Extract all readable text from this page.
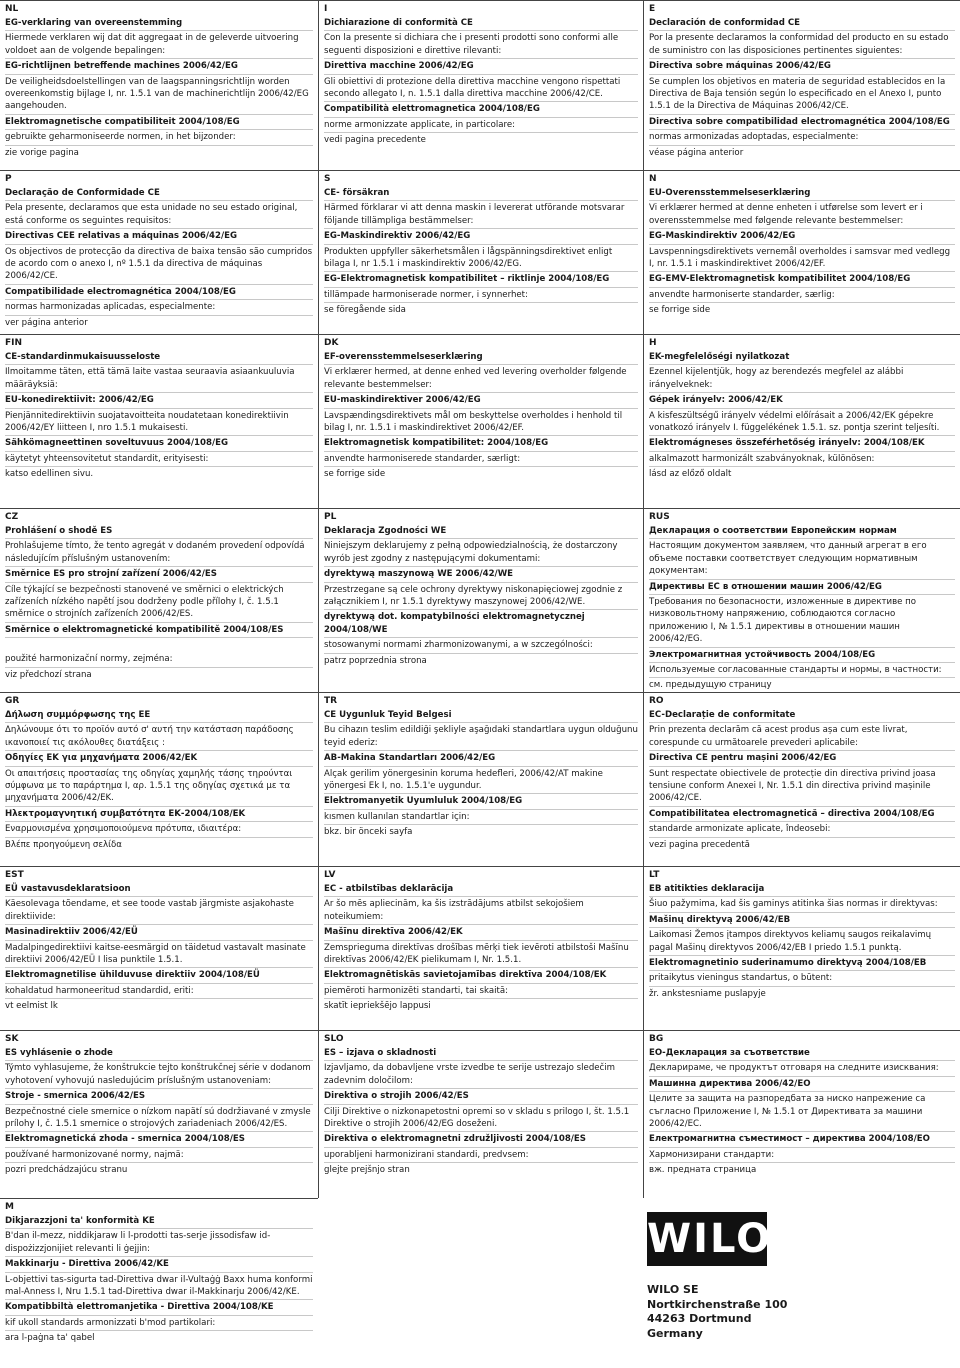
NL
EG-verklaring van overeenstemming
Hiermede verklaren wij dat dit aggregaat in de geleverde uitvoering voldoet aan de volgende bepalingen:
EG-richtlijnen betreffende machines 2006/42/EG
De veiligheidsdoelstellingen van de laagspanningsrichtlijn worden overeenkomstig bijlage I, nr. 1.5.1 van de machinerichtlijn 2006/42/EG aangehouden.
Elektromagnetische compatibiliteit 2004/108/EG
gebruikte geharmoniseerde normen, in het bijzonder:
zie vorige pagina
I
Dichiarazione di conformità CE
Con la presente si dichiara che i presenti prodotti sono conformi alle seguenti disposizioni e direttive rilevanti:
Direttiva macchine 2006/42/EG
Gli obiettivi di protezione della direttiva macchine vengono rispettati secondo allegato I, n. 1.5.1 dalla direttiva macchine 2006/42/CE.
Compatibilità elettromagnetica 2004/108/EG
norme armonizzate applicate, in particolare:
vedi pagina precedente
E
Declaración de conformidad CE
Por la presente declaramos la conformidad del producto en su estado de suministro con las disposiciones pertinentes siguientes:
Directiva sobre máquinas 2006/42/EG
Se cumplen los objetivos en materia de seguridad establecidos en la Directiva de Baja tensión según lo especificado en el Anexo I, punto 1.5.1 de la Directiva de Máquinas 2006/42/CE.
Directiva sobre compatibilidad electromagnética 2004/108/EG
normas armonizadas adoptadas, especialmente:
véase página anterior
P
Declaração de Conformidade CE
Pela presente, declaramos que esta unidade no seu estado original, está conforme os seguintes requisitos:
Directivas CEE relativas a máquinas 2006/42/EG
Os objectivos de protecção da directiva de baixa tensão são cumpridos de acordo com o anexo I, nº 1.5.1 da directiva de máquinas 2006/42/CE.
Compatibilidade electromagnética 2004/108/EG
normas harmonizadas aplicadas, especialmente:
ver página anterior
S
CE- försäkran
Härmed förklarar vi att denna maskin i levererat utförande motsvarar följande tillämpliga bestämmelser:
EG-Maskindirektiv 2006/42/EG
Produkten uppfyller säkerhetsmålen i lågspänningsdirektivet enligt bilaga I, nr 1.5.1 i maskindirektiv 2006/42/EG.
EG-Elektromagnetisk kompatibilitet – riktlinje 2004/108/EG
tillämpade harmoniserade normer, i synnerhet:
se föregående sida
N
EU-Overensstemmelseserklæring
Vi erklærer hermed at denne enheten i utførelse som levert er i overensstemmelse med følgende relevante bestemmelser:
EG-Maskindirektiv 2006/42/EG
Lavspenningsdirektivets vernemål overholdes i samsvar med vedlegg I, nr. 1.5.1 i maskindirektivet 2006/42/EF.
EG-EMV-Elektromagnetisk kompatibilitet 2004/108/EG
anvendte harmoniserte standarder, særlig:
se forrige side
FIN
CE-standardinmukaisuusseloste
Ilmoitamme täten, että tämä laite vastaa seuraavia asiaankuuluvia määräyksiä:
EU-konedirektiivit: 2006/42/EG
Pienjännitedirektiivin suojatavoitteita noudatetaan konedirektiivin 2006/42/EY liitteen I, nro 1.5.1 mukaisesti.
Sähkömagneettinen soveltuvuus 2004/108/EG
käytetyt yhteensovitetut standardit, erityisesti:
katso edellinen sivu.
DK
EF-overensstemmelseserklæring
Vi erklærer hermed, at denne enhed ved levering overholder følgende relevante bestemmelser:
EU-maskindirektiver 2006/42/EG
Lavspændingsdirektivets mål om beskyttelse overholdes i henhold til bilag I, nr. 1.5.1 i maskindirektivet 2006/42/EF.
Elektromagnetisk kompatibilitet: 2004/108/EG
anvendte harmoniserede standarder, særligt:
se forrige side
H
EK-megfelelőségi nyilatkozat
Ezennel kijelentjük, hogy az berendezés megfelel az alábbi irányelveknek:
Gépek irányelv: 2006/42/EK
A kisfeszültségű irányelv védelmi előírásait a 2006/42/EK gépekre vonatkozó irányelv I. függelékének 1.5.1. sz. pontja szerint teljesíti.
Elektromágneses összeférhetőség irányelv: 2004/108/EK
alkalmazott harmonizált szabványoknak, különösen:
lásd az előző oldalt
CZ
Prohlášení o shodě ES
Prohlašujeme tímto, že tento agregát v dodaném provedení odpovídá následujícím příslušným ustanovením:
Směrnice ES pro strojní zařízení 2006/42/ES
Cíle týkající se bezpečnosti stanovené ve směrnici o elektrických zařízeních nízkého napětí jsou dodrženy podle přílohy I, č. 1.5.1 směrnice o strojních zařízeních 2006/42/ES.
Směrnice o elektromagnetické kompatibilitě 2004/108/ES
použité harmonizační normy, zejména:
viz předchozí strana
PL
Deklaracja Zgodności WE
Niniejszym deklarujemy z pełną odpowiedzialnością, że dostarczony wyrób jest zgodny z następującymi dokumentami:
dyrektywą maszynową WE 2006/42/WE
Przestrzegane są cele ochrony dyrektywy niskonapięciowej zgodnie z załącznikiem I, nr 1.5.1 dyrektywy maszynowej 2006/42/WE.
dyrektywą dot. kompatybilności elektromagnetycznej 2004/108/WE
stosowanymi normami zharmonizowanymi, a w szczególności:
patrz poprzednia strona
RUS
Декларация о соответствии Европейским нормам
Настоящим документом заявляем, что данный агрегат в его объеме поставки соответствует следующим нормативным документам:
Директивы ЕС в отношении машин 2006/42/EG
Требования по безопасности, изложенные в директиве по низковольтному напряжению, соблюдаются согласно приложению I, № 1.5.1 директивы в отношении машин 2006/42/EG.
Электромагнитная устойчивость 2004/108/EG
Используемые согласованные стандарты и нормы, в частности:
см. предыдущую страницу
GR
Δήλωση συμμόρφωσης της ΕΕ
Δηλώνουμε ότι το προϊόν αυτό σ' αυτή την κατάσταση παράδοσης ικανοποιεί τις ακόλουθες διατάξεις :
Οδηγίες EK για μηχανήματα 2006/42/ΕΚ
Οι απαιτήσεις προστασίας της οδηγίας χαμηλής τάσης τηρούνται σύμφωνα με το παράρτημα I, αρ. 1.5.1 της οδηγίας σχετικά με τα μηχανήματα 2006/42/ΕΚ.
Ηλεκτρομαγνητική συμβατότητα ΕΚ-2004/108/ΕΚ
Εναρμονισμένα χρησιμοποιούμενα πρότυπα, ιδιαιτέρα:
Βλέπε προηγούμενη σελίδα
TR
CE Uygunluk Teyid Belgesi
Bu cihazın teslim edildiği şekliyle aşağıdaki standartlara uygun olduğunu teyid ederiz:
AB-Makina Standartları 2006/42/EG
Alçak gerilim yönergesinin koruma hedefleri, 2006/42/AT makine yönergesi Ek I, no. 1.5.1'e uygundur.
Elektromanyetik Uyumluluk 2004/108/EG
kısmen kullanılan standartlar için:
bkz. bir önceki sayfa
RO
EC-Declarație de conformitate
Prin prezenta declarăm că acest produs așa cum este livrat, corespunde cu următoarele prevederi aplicabile:
Directiva CE pentru mașini 2006/42/EG
Sunt respectate obiectivele de protecție din directiva privind joasa tensiune conform Anexei I, Nr. 1.5.1 din directiva privind mașinile 2006/42/CE.
Compatibilitatea electromagnetică – directiva 2004/108/EG
standarde armonizate aplicate, îndeosebi:
vezi pagina precedentă
EST
EÜ vastavusdeklaratsioon
Käesolevaga tõendame, et see toode vastab järgmiste asjakohaste direktiivide:
Masinadirektiiv 2006/42/EÜ
Madalpingedirektiivi kaitse-eesmärgid on täidetud vastavalt masinate direktiivi 2006/42/EÜ I lisa punktile 1.5.1.
Elektromagnetilise ühilduvuse direktiiv 2004/108/EÜ
kohaldatud harmoneeritud standardid, eriti:
vt eelmist lk
LV
EC - atbilstības deklarācija
Ar šo mēs apliecinām, ka šis izstrādājums atbilst sekojošiem noteikumiem:
Mašīnu direktīva 2006/42/EK
Zemsprieguma direktīvas drošības mērķi tiek ievēroti atbilstoši Mašīnu direktīvas 2006/42/EK pielikumam I, Nr. 1.5.1.
Elektromagnētiskās savietojamības direktīva 2004/108/EK
piemēroti harmonizēti standarti, tai skaitā:
skatīt iepriekšējo lappusi
LT
EB atitikties deklaracija
Šiuo pažymima, kad šis gaminys atitinka šias normas ir direktyvas:
Mašinų direktyvą 2006/42/EB
Laikomasi Žemos įtampos direktyvos keliamų saugos reikalavimų pagal Mašinų direktyvos 2006/42/EB I priedo 1.5.1 punktą.
Elektromagnetinio suderinamumo direktyvą 2004/108/EB
pritaikytus vieningus standartus, o būtent:
žr. ankstesniame puslapyje
SK
ES vyhlásenie o zhode
Týmto vyhlasujeme, že konštrukcie tejto konštrukčnej série v dodanom vyhotovení vyhovujú nasledujúcim príslušným ustanoveniam:
Stroje - smernica 2006/42/ES
Bezpečnostné ciele smernice o nízkom napätí sú dodržiavané v zmysle prílohy I, č. 1.5.1 smernice o strojových zariadeniach 2006/42/ES.
Elektromagnetická zhoda - smernica 2004/108/ES
používané harmonizované normy, najmä:
pozri predchádzajúcu stranu
SLO
ES – izjava o skladnosti
Izjavljamo, da dobavljene vrste izvedbe te serije ustrezajo sledečim zadevnim določilom:
Direktiva o strojih 2006/42/ES
Cilji Direktive o nizkonapetostni opremi so v skladu s prilogo I, št. 1.5.1 Direktive o strojih 2006/42/EG doseženi.
Direktiva o elektromagnetni združljivosti 2004/108/ES
uporabljeni harmonizirani standardi, predvsem:
glejte prejšnjo stran
BG
ЕО-Декларация за съответствие
Декларираме, че продуктът отговаря на следните изисквания:
Машинна директива 2006/42/ЕО
Целите за защита на разпоредбата за ниско напрежение са съгласно Приложение I, № 1.5.1 от Директивата за машини 2006/42/ЕС.
Електромагнитна съместимост – директива 2004/108/ЕО
Хармонизирани стандарти:
вж. предната страница
M
Dikjarazzjoni ta' konformità KE
B'dan il-mezz, niddikjaraw li l-prodotti tas-serje jissodisfaw id-dispożizzjonijiet relevanti li ġejjin:
Makkinarju - Direttiva 2006/42/KE
L-objettivi tas-sigurta tad-Direttiva dwar il-Vultaġġ Baxx huma konformi mal-Anness I, Nru 1.5.1 tad-Direttiva dwar il-Makkinarju 2006/42/KE.
Kompatibbiltà elettromanjetika - Direttiva 2004/108/KE
kif ukoll standards armonizzati b'mod partikolari:
ara l-paġna ta' qabel
WILO
WILO SE
Nortkirchenstraße 100
44263 Dortmund
Germany
